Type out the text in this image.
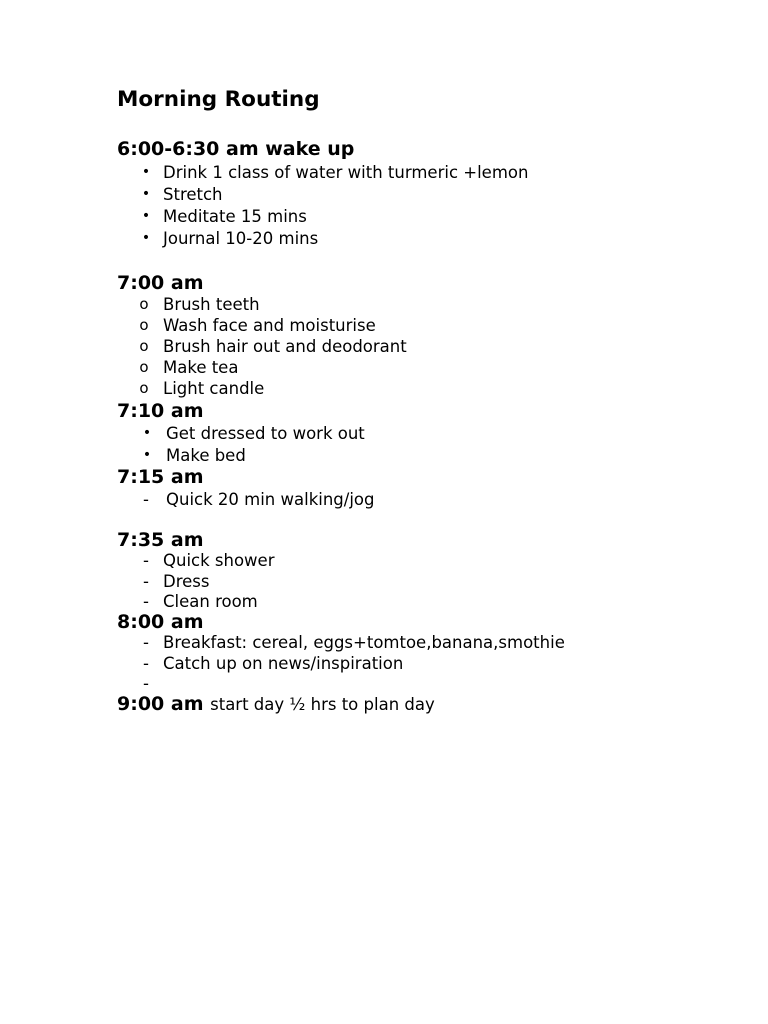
Morning Routing
6:00-6:30 am wake up
• Drink 1 class of water with turmeric +lemon
• Stretch
• Meditate 15 mins
• Journal 10-20 mins
7:00 am
o Brush teeth
o Wash face and moisturise
o Brush hair out and deodorant
o Make tea
o Light candle
7:10 am
• Get dressed to work out
• Make bed
7:15 am
- Quick 20 min walking/jog
7:35 am
- Quick shower
- Dress
- Clean room
8:00 am
- Breakfast: cereal, eggs+tomtoe,banana,smothie
- Catch up on news/inspiration
-
9:00 am start day ½ hrs to plan day
